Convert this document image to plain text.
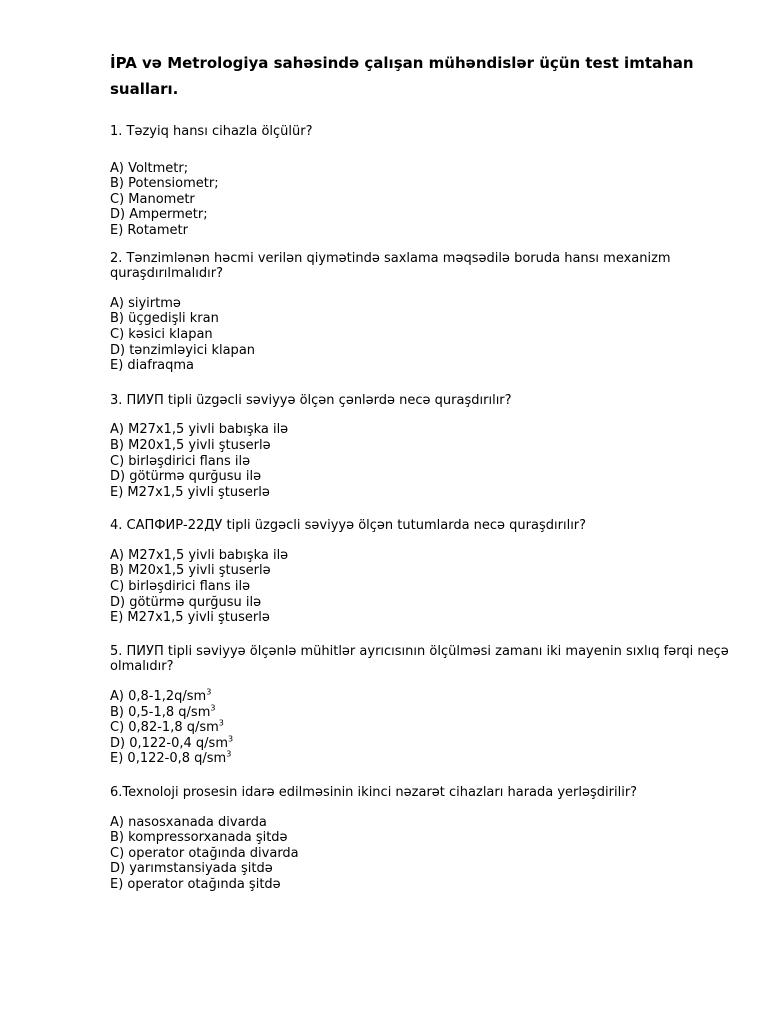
İPA və Metrologiya sahəsində çalışan mühəndislər üçün test imtahan sualları.

1. Təzyiq hansı cihazla ölçülür?

A) Voltmetr;
B) Potensiometr;
C) Manometr
D) Ampermetr;
E) Rotametr

2. Tənzimlənən həcmi verilən qiymətində saxlama məqsədilə boruda hansı mexanizm quraşdırılmalıdır?

A) siyirtmə
B) üçgedişli kran
C) kəsici klapan
D) tənzimləyici klapan
E) diafraqma

3. ПИУП tipli üzgəcli səviyyə ölçən çənlərdə necə quraşdırılır?

A) M27x1,5 yivli babışka ilə
B) M20x1,5 yivli ştuserlə
C) birləşdirici flans ilə
D) götürmə qurğusu ilə
E) M27x1,5 yivli ştuserlə

4. САПФИР-22ДУ tipli üzgəcli səviyyə ölçən tutumlarda necə quraşdırılır?

A) M27x1,5 yivli babışka ilə
B) M20x1,5 yivli ştuserlə
C) birləşdirici flans ilə
D) götürmə qurğusu ilə
E) M27x1,5 yivli ştuserlə

5. ПИУП tipli səviyyə ölçənlə mühitlər ayrıcısının ölçülməsi zamanı iki mayenin sıxlıq fərqi neçə olmalıdır?

A) $0,8-1,2q/sm^3$
B) 0,5-1,8 $q/sm^3$
C) 0,82-1,8 $q/sm^3$
D) 0,122-0,4 $q/sm^3$
E) 0,122-0,8 $q/sm^3$

6.Texnoloji prosesin idarə edilməsinin ikinci nəzarət cihazları harada yerləşdirilir?

A) nasosxanada divarda
B) kompressorxanada şitdə
C) operator otağında divarda
D) yarımstansiyada şitdə
E) operator otağında şitdə
